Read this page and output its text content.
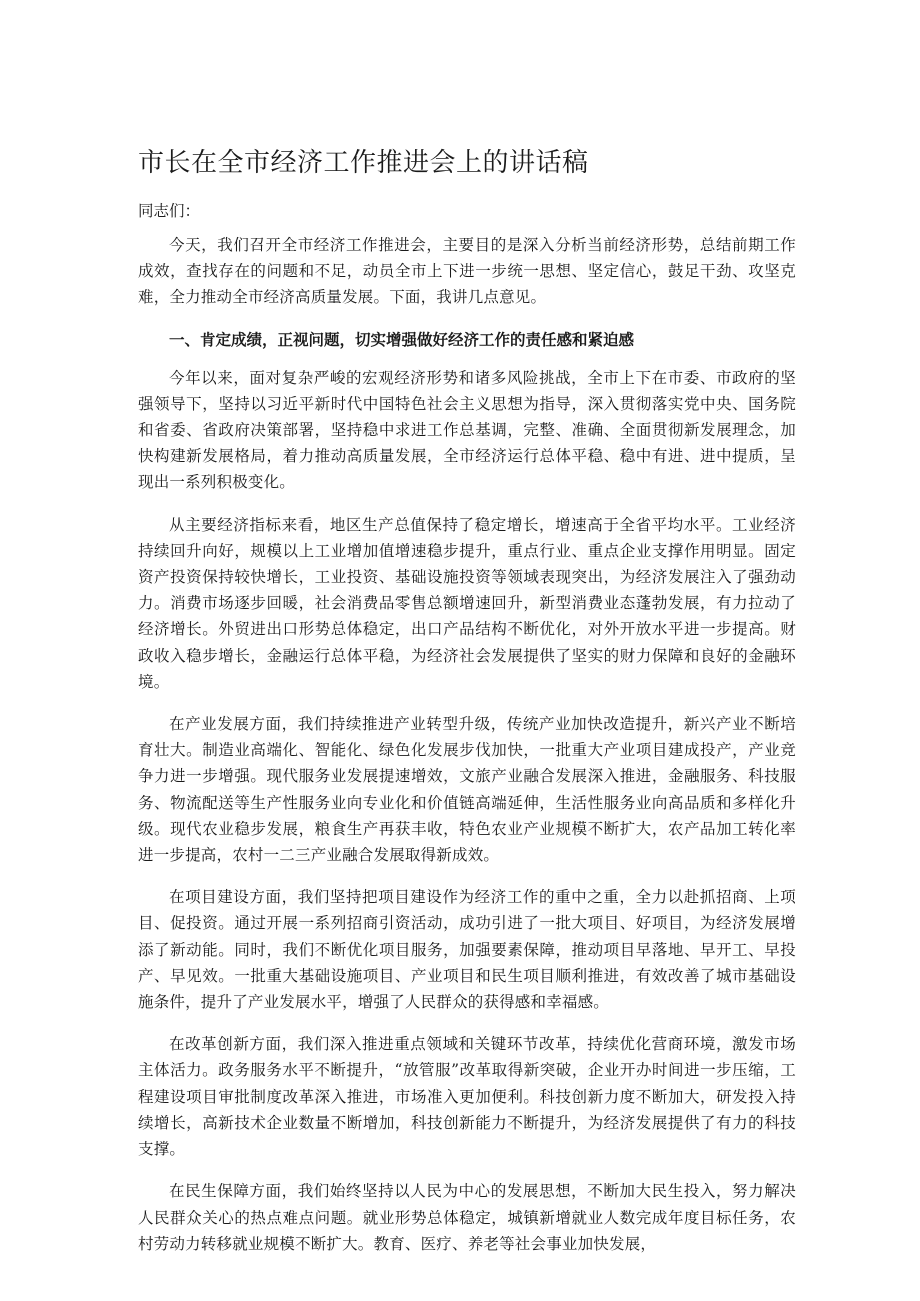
市长在全市经济工作推进会上的讲话稿

同志们：

今天，我们召开全市经济工作推进会，主要目的是深入分析当前经济形势，总结前期工作成效，查找存在的问题和不足，动员全市上下进一步统一思想、坚定信心，鼓足干劲、攻坚克难，全力推动全市经济高质量发展。下面，我讲几点意见。

一、肯定成绩，正视问题，切实增强做好经济工作的责任感和紧迫感

今年以来，面对复杂严峻的宏观经济形势和诸多风险挑战，全市上下在市委、市政府的坚强领导下，坚持以习近平新时代中国特色社会主义思想为指导，深入贯彻落实党中央、国务院和省委、省政府决策部署，坚持稳中求进工作总基调，完整、准确、全面贯彻新发展理念，加快构建新发展格局，着力推动高质量发展，全市经济运行总体平稳、稳中有进、进中提质，呈现出一系列积极变化。

从主要经济指标来看，地区生产总值保持了稳定增长，增速高于全省平均水平。工业经济持续回升向好，规模以上工业增加值增速稳步提升，重点行业、重点企业支撑作用明显。固定资产投资保持较快增长，工业投资、基础设施投资等领域表现突出，为经济发展注入了强劲动力。消费市场逐步回暖，社会消费品零售总额增速回升，新型消费业态蓬勃发展，有力拉动了经济增长。外贸进出口形势总体稳定，出口产品结构不断优化，对外开放水平进一步提高。财政收入稳步增长，金融运行总体平稳，为经济社会发展提供了坚实的财力保障和良好的金融环境。

在产业发展方面，我们持续推进产业转型升级，传统产业加快改造提升，新兴产业不断培育壮大。制造业高端化、智能化、绿色化发展步伐加快，一批重大产业项目建成投产，产业竞争力进一步增强。现代服务业发展提速增效，文旅产业融合发展深入推进，金融服务、科技服务、物流配送等生产性服务业向专业化和价值链高端延伸，生活性服务业向高品质和多样化升级。现代农业稳步发展，粮食生产再获丰收，特色农业产业规模不断扩大，农产品加工转化率进一步提高，农村一二三产业融合发展取得新成效。

在项目建设方面，我们坚持把项目建设作为经济工作的重中之重，全力以赴抓招商、上项目、促投资。通过开展一系列招商引资活动，成功引进了一批大项目、好项目，为经济发展增添了新动能。同时，我们不断优化项目服务，加强要素保障，推动项目早落地、早开工、早投产、早见效。一批重大基础设施项目、产业项目和民生项目顺利推进，有效改善了城市基础设施条件，提升了产业发展水平，增强了人民群众的获得感和幸福感。

在改革创新方面，我们深入推进重点领域和关键环节改革，持续优化营商环境，激发市场主体活力。政务服务水平不断提升，“放管服”改革取得新突破，企业开办时间进一步压缩，工程建设项目审批制度改革深入推进，市场准入更加便利。科技创新力度不断加大，研发投入持续增长，高新技术企业数量不断增加，科技创新能力不断提升，为经济发展提供了有力的科技支撑。

在民生保障方面，我们始终坚持以人民为中心的发展思想，不断加大民生投入，努力解决人民群众关心的热点难点问题。就业形势总体稳定，城镇新增就业人数完成年度目标任务，农村劳动力转移就业规模不断扩大。教育、医疗、养老等社会事业加快发展，
